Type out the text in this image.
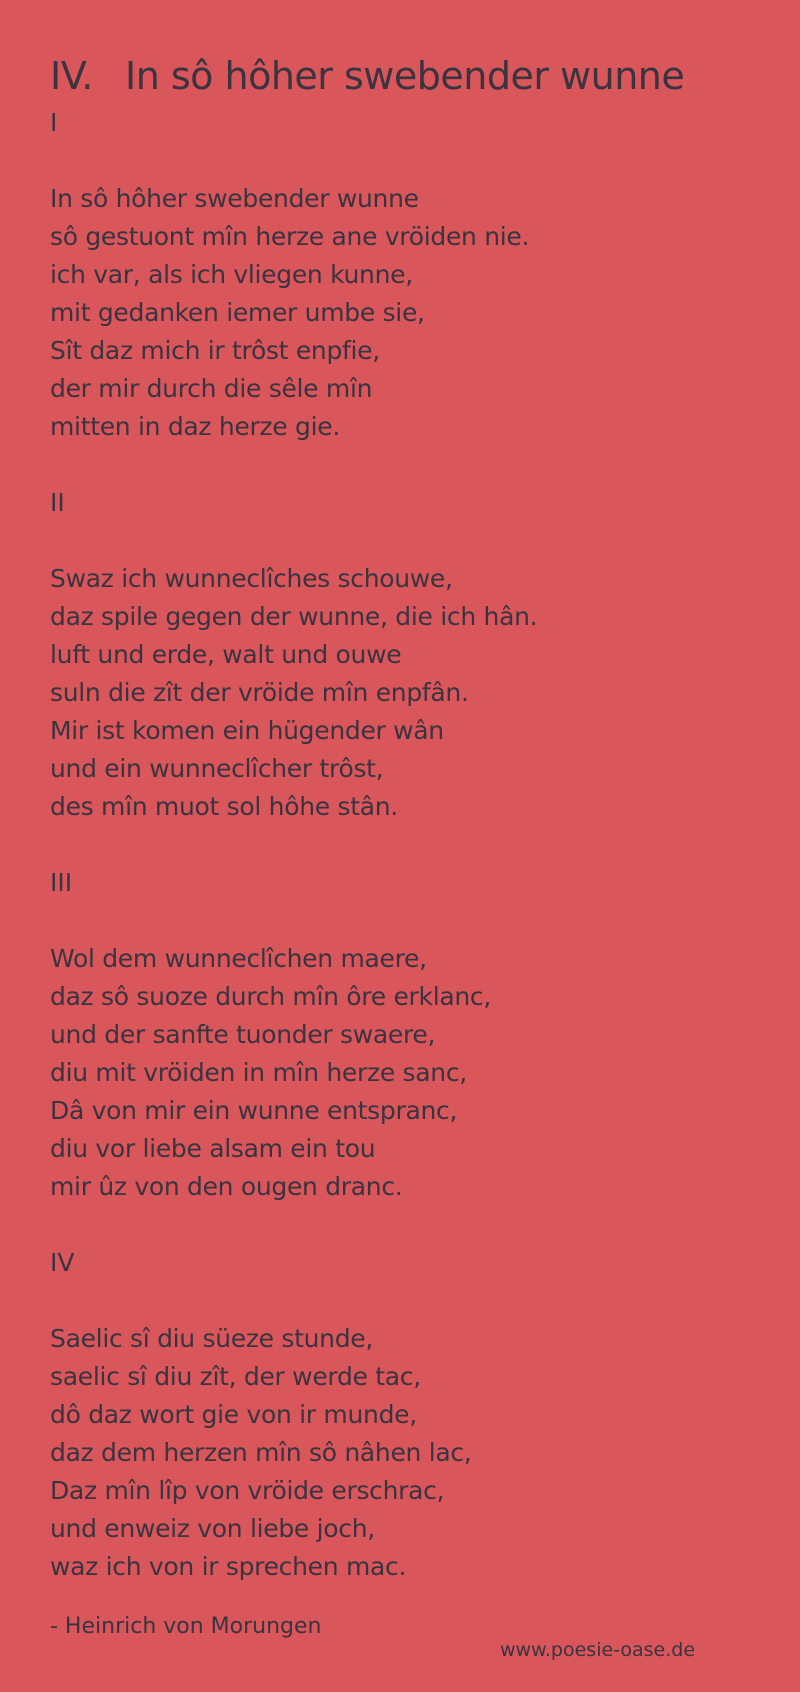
IV. In sô hôher swebender wunne
I
In sô hôher swebender wunne
sô gestuont mîn herze ane vröiden nie.
ich var, als ich vliegen kunne,
mit gedanken iemer umbe sie,
Sît daz mich ir trôst enpfie,
der mir durch die sêle mîn
mitten in daz herze gie.
II
Swaz ich wunneclîches schouwe,
daz spile gegen der wunne, die ich hân.
luft und erde, walt und ouwe
suln die zît der vröide mîn enpfân.
Mir ist komen ein hügender wân
und ein wunneclîcher trôst,
des mîn muot sol hôhe stân.
III
Wol dem wunneclîchen maere,
daz sô suoze durch mîn ôre erklanc,
und der sanfte tuonder swaere,
diu mit vröiden in mîn herze sanc,
Dâ von mir ein wunne entspranc,
diu vor liebe alsam ein tou
mir ûz von den ougen dranc.
IV
Saelic sî diu süeze stunde,
saelic sî diu zît, der werde tac,
dô daz wort gie von ir munde,
daz dem herzen mîn sô nâhen lac,
Daz mîn lîp von vröide erschrac,
und enweiz von liebe joch,
waz ich von ir sprechen mac.
- Heinrich von Morungen
www.poesie-oase.de
